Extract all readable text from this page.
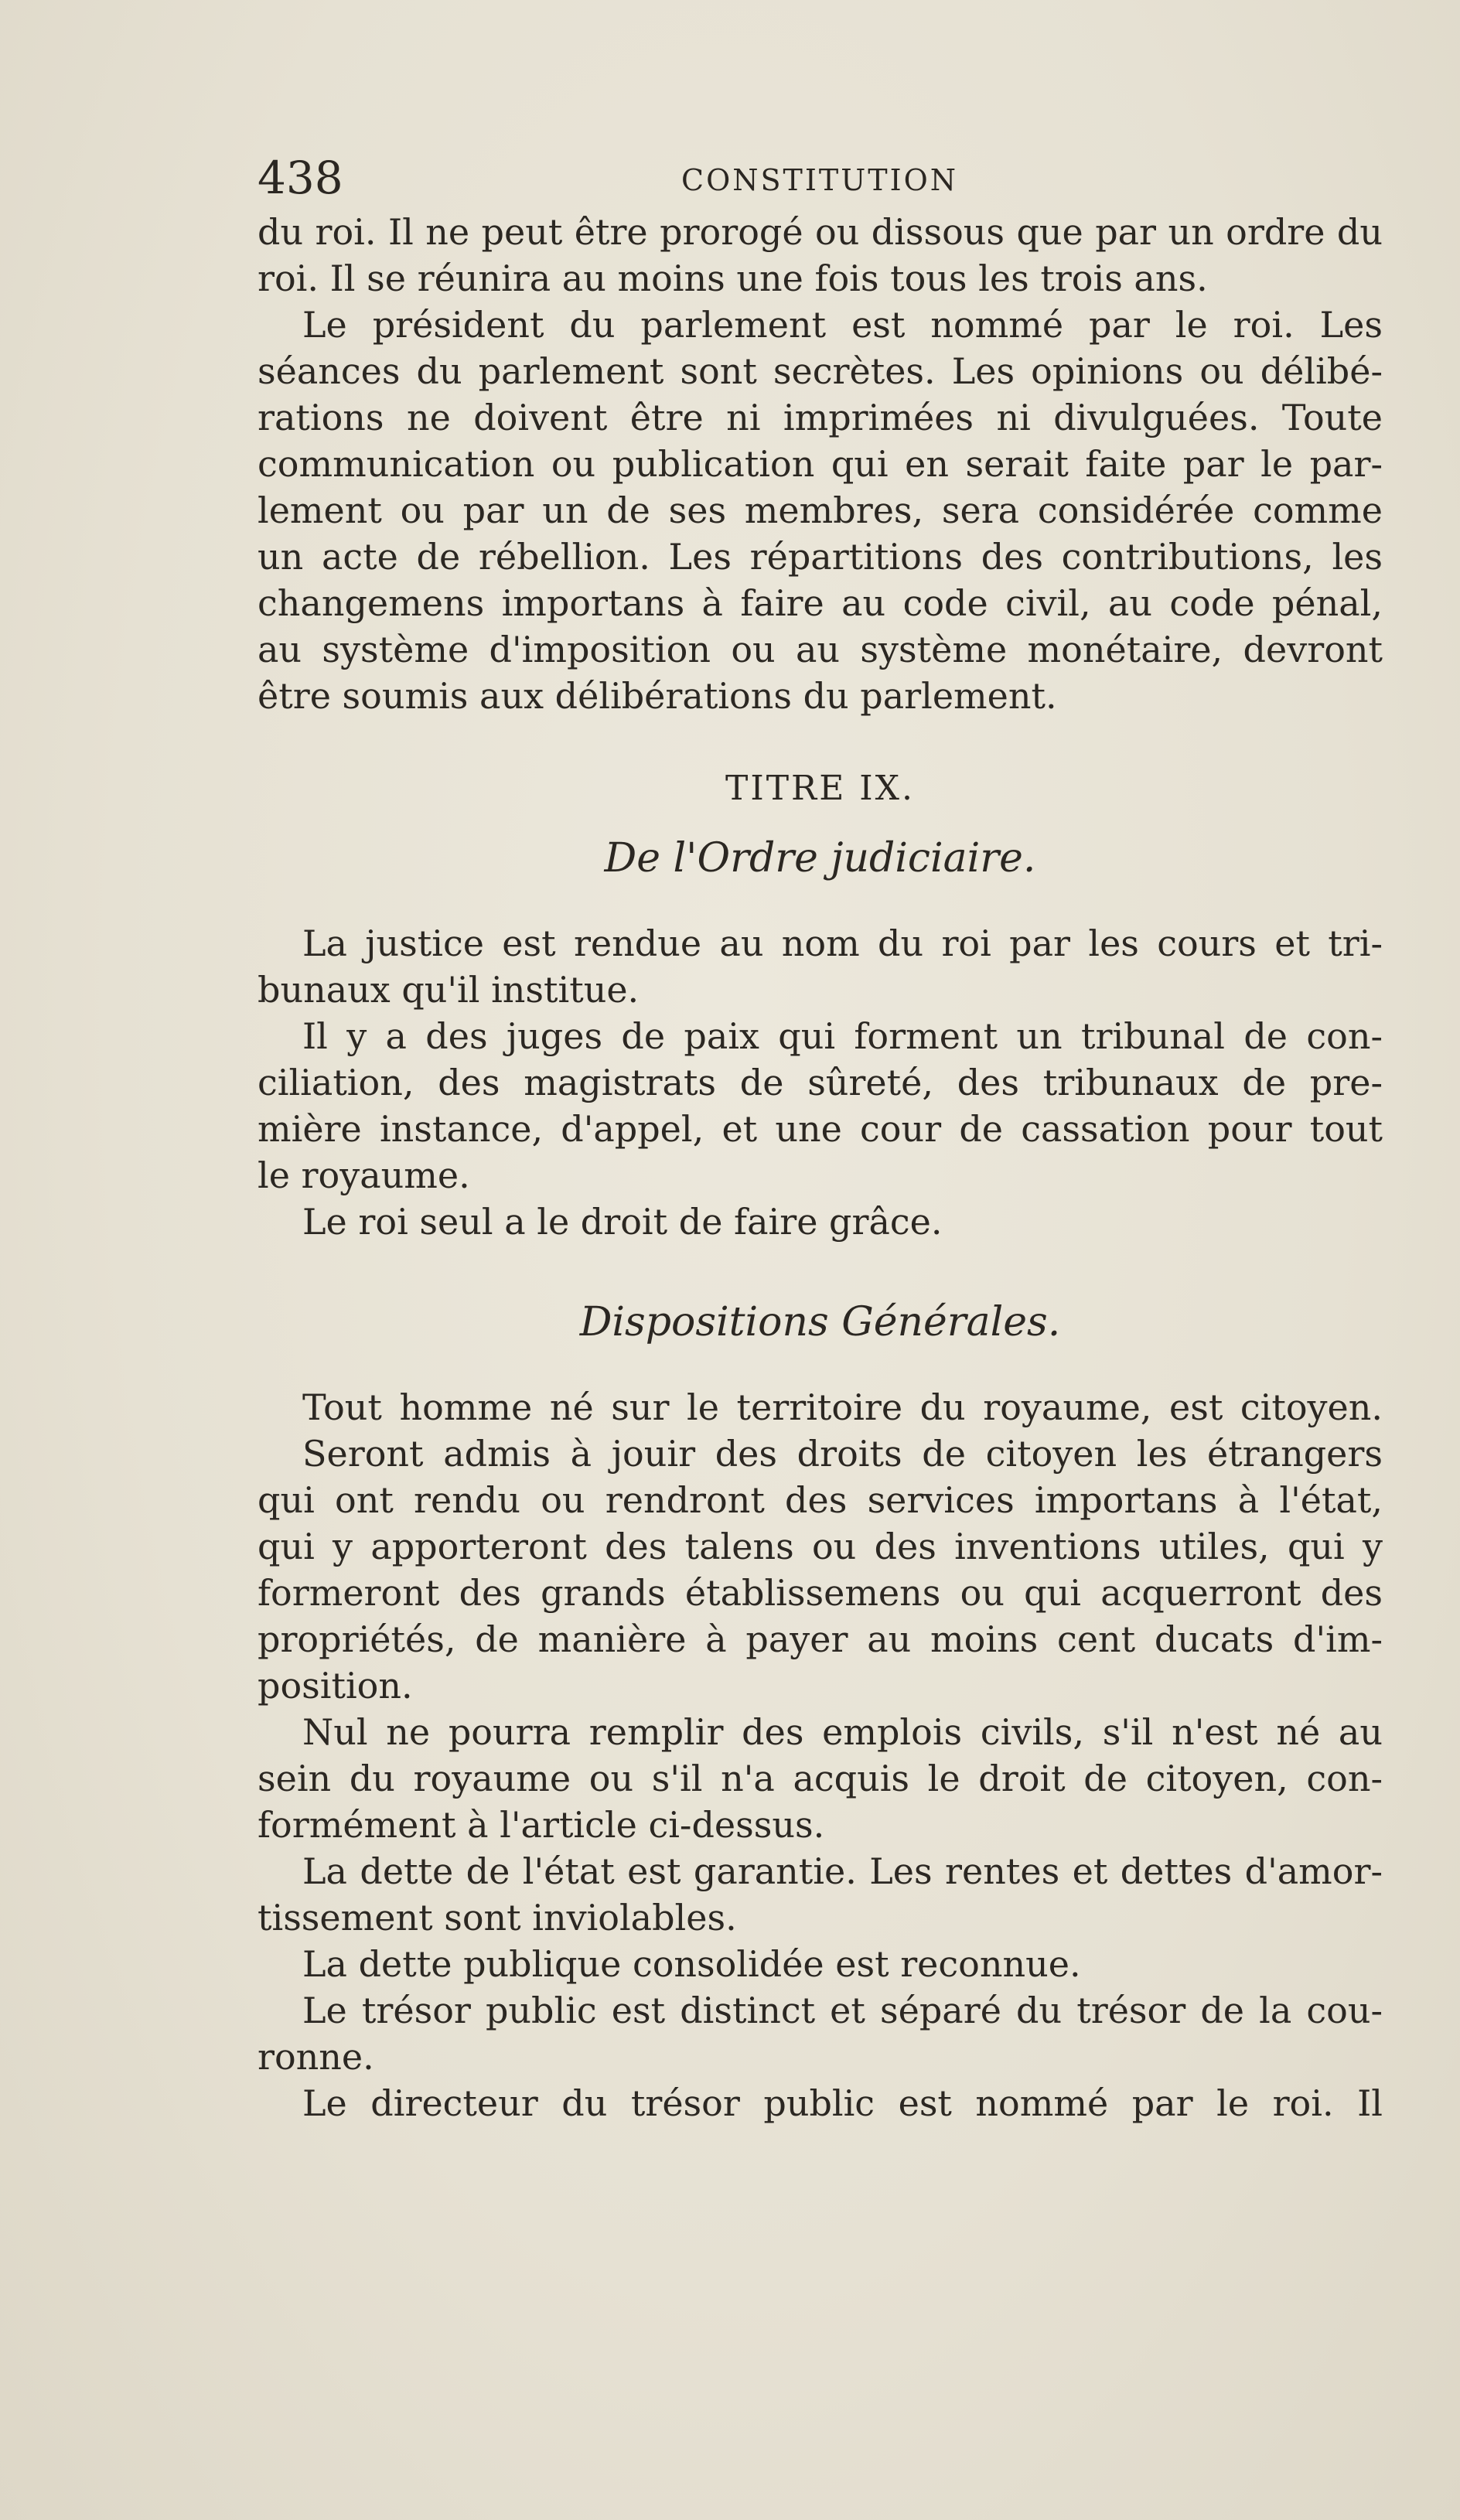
438	CONSTITUTION
du roi. Il ne peut être prorogé ou dissous que par un ordre du
roi. Il se réunira au moins une fois tous les trois ans.
Le président du parlement est nommé par le roi. Les
séances du parlement sont secrètes. Les opinions ou délibé-
rations ne doivent être ni imprimées ni divulguées. Toute
communication ou publication qui en serait faite par le par-
lement ou par un de ses membres, sera considérée comme
un acte de rébellion. Les répartitions des contributions, les
changemens importans à faire au code civil, au code pénal,
au système d'imposition ou au système monétaire, devront
être soumis aux délibérations du parlement.
TITRE IX.
De l'Ordre judiciaire.
La justice est rendue au nom du roi par les cours et tri-
bunaux qu'il institue.
Il y a des juges de paix qui forment un tribunal de con-
ciliation, des magistrats de sûreté, des tribunaux de pre-
mière instance, d'appel, et une cour de cassation pour tout
le royaume.
Le roi seul a le droit de faire grâce.
Dispositions Générales.
Tout homme né sur le territoire du royaume, est citoyen.
Seront admis à jouir des droits de citoyen les étrangers
qui ont rendu ou rendront des services importans à l'état,
qui y apporteront des talens ou des inventions utiles, qui y
formeront des grands établissemens ou qui acquerront des
propriétés, de manière à payer au moins cent ducats d'im-
position.
Nul ne pourra remplir des emplois civils, s'il n'est né au
sein du royaume ou s'il n'a acquis le droit de citoyen, con-
formément à l'article ci-dessus.
La dette de l'état est garantie. Les rentes et dettes d'amor-
tissement sont inviolables.
La dette publique consolidée est reconnue.
Le trésor public est distinct et séparé du trésor de la cou-
ronne.
Le directeur du trésor public est nommé par le roi. Il
